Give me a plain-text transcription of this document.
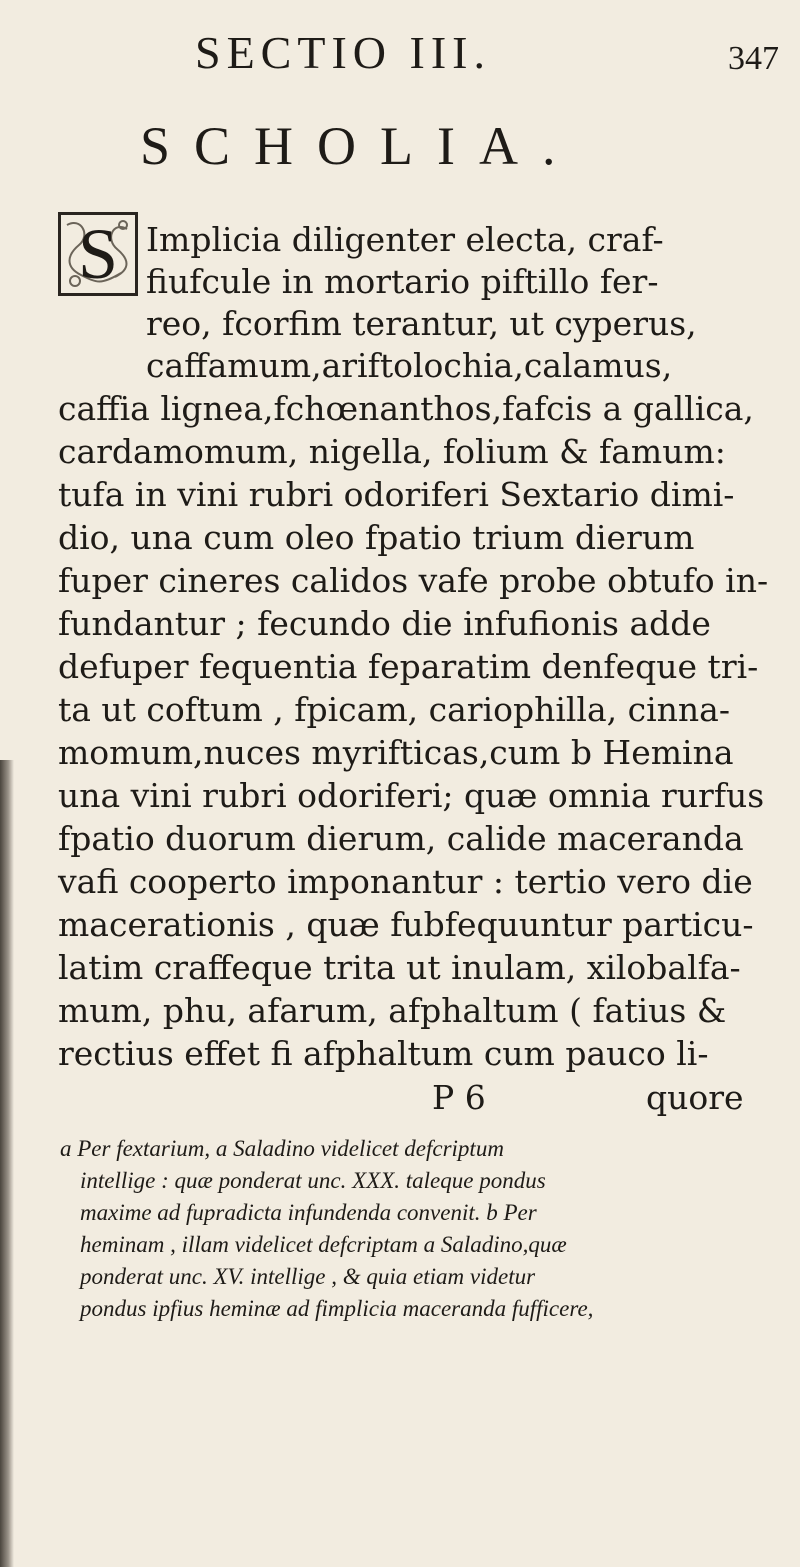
SECTIO III.	347
SCHOLIA.
S Implicia diligenter electa, craf-
fiufcule in mortario piftillo fer-
reo, fcorfim terantur, ut cyperus,
caffamum,ariftolochia,calamus,
caffia lignea,fchœnanthos,fafcis a gallica,
cardamomum, nigella, folium & famum:
tufa in vini rubri odoriferi Sextario dimi-
dio, una cum oleo fpatio trium dierum
fuper cineres calidos vafe probe obtufo in-
fundantur ; fecundo die infufionis adde
defuper fequentia feparatim denfeque tri-
ta ut coftum , fpicam, cariophilla, cinna-
momum,nuces myrifticas,cum b Hemina
una vini rubri odoriferi; quæ omnia rurfus
fpatio duorum dierum, calide macerandа
vafi cooperto imponantur : tertio vero die
macerationis , quæ fubfequuntur particu-
latim craffeque trita ut inulam, xilobalfa-
mum, phu, afarum, afphaltum ( fatius &
rectius effet fi afphaltum cum pauco li-
P 6	quore
a Per fextarium, a Saladino videlicet defcriptum
intellige : quæ ponderat unc. XXX. taleque pondus
maxime ad fupradicta infundenda convenit. b Per
heminam , illam videlicet defcriptam a Saladino,quæ
ponderat unc. XV. intellige , & quia etiam videtur
pondus ipfius heminæ ad fimplicia maceranda fufficere,
